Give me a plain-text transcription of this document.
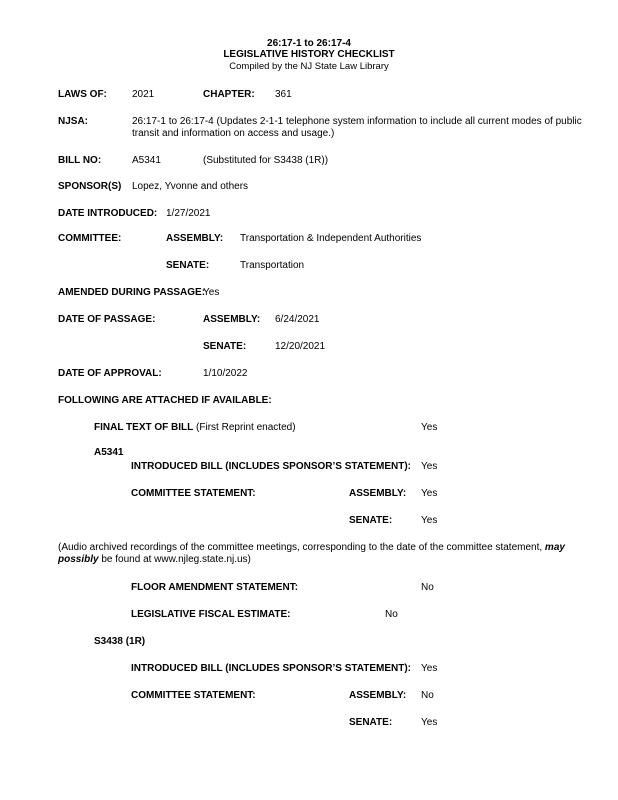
26:17-1 to 26:17-4
LEGISLATIVE HISTORY CHECKLIST
Compiled by the NJ State Law Library
LAWS OF:	2021	CHAPTER: 361
NJSA:	26:17-1 to 26:17-4 (Updates 2-1-1 telephone system information to include all current modes of public transit and information on access and usage.)
BILL NO:	A5341	(Substituted for S3438 (1R))
SPONSOR(S) Lopez, Yvonne and others
DATE INTRODUCED: 1/27/2021
COMMITTEE:	ASSEMBLY: Transportation & Independent Authorities
SENATE:	Transportation
AMENDED DURING PASSAGE:
Yes
DATE OF PASSAGE:	ASSEMBLY: 6/24/2021
SENATE:	12/20/2021
DATE OF APPROVAL:	1/10/2022
FOLLOWING ARE ATTACHED IF AVAILABLE:
FINAL TEXT OF BILL (First Reprint enacted)	Yes
A5341
INTRODUCED BILL (INCLUDES SPONSOR’S STATEMENT): Yes
COMMITTEE STATEMENT:	ASSEMBLY: Yes
SENATE:	Yes
(Audio archived recordings of the committee meetings, corresponding to the date of the committee statement, may possibly be found at www.njleg.state.nj.us)
FLOOR AMENDMENT STATEMENT:	No
LEGISLATIVE FISCAL ESTIMATE:	No
S3438 (1R)
INTRODUCED BILL (INCLUDES SPONSOR’S STATEMENT): Yes
COMMITTEE STATEMENT:	ASSEMBLY: No
SENATE:	Yes
